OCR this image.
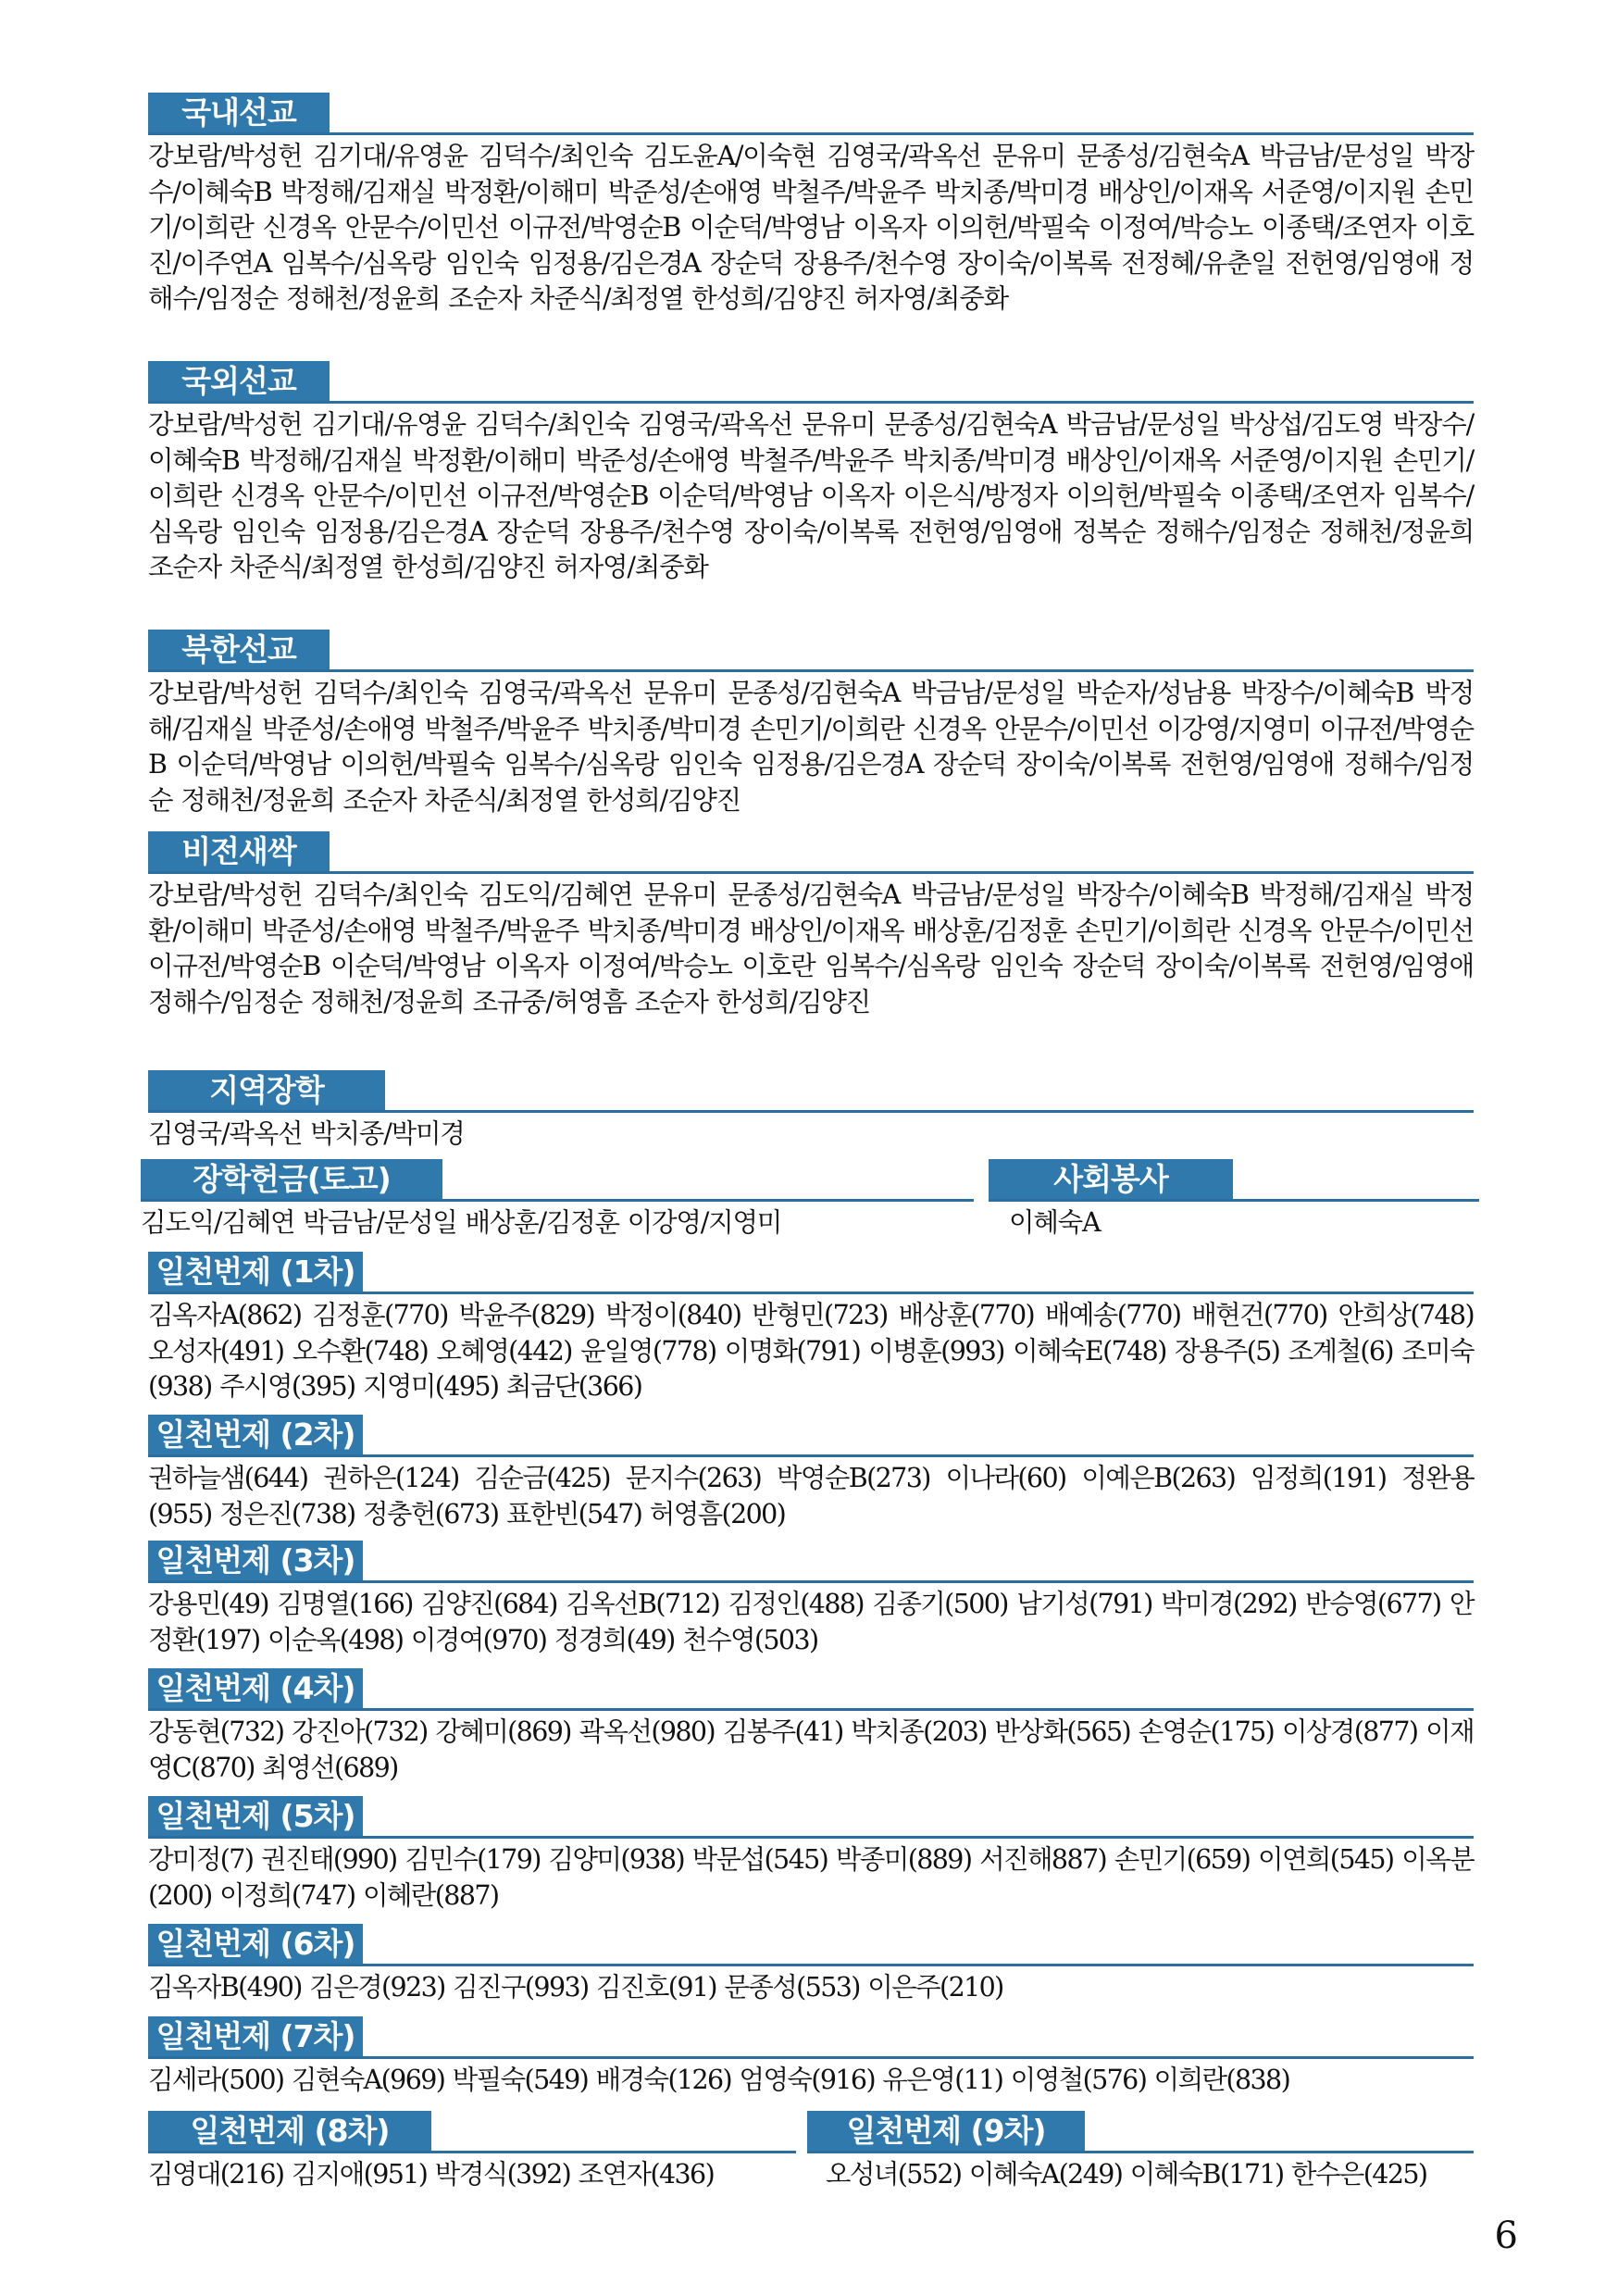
국내선교

강보람/박성헌 김기대/유영윤 김덕수/최인숙 김도윤A/이숙현 김영국/곽옥선 문유미 문종성/김현숙A 박금남/문성일 박장수/이혜숙B 박정해/김재실 박정환/이해미 박준성/손애영 박철주/박윤주 박치종/박미경 배상인/이재옥 서준영/이지원 손민기/이희란 신경옥 안문수/이민선 이규전/박영순B 이순덕/박영남 이옥자 이의헌/박필숙 이정여/박승노 이종택/조연자 이호진/이주연A 임복수/심옥랑 임인숙 임정용/김은경A 장순덕 장용주/천수영 장이숙/이복록 전정혜/유춘일 전헌영/임영애 정해수/임정순 정해천/정윤희 조순자 차준식/최정열 한성희/김양진 허자영/최중화

국외선교

강보람/박성헌 김기대/유영윤 김덕수/최인숙 김영국/곽옥선 문유미 문종성/김현숙A 박금남/문성일 박상섭/김도영 박장수/이혜숙B 박정해/김재실 박정환/이해미 박준성/손애영 박철주/박윤주 박치종/박미경 배상인/이재옥 서준영/이지원 손민기/이희란 신경옥 안문수/이민선 이규전/박영순B 이순덕/박영남 이옥자 이은식/방정자 이의헌/박필숙 이종택/조연자 임복수/심옥랑 임인숙 임정용/김은경A 장순덕 장용주/천수영 장이숙/이복록 전헌영/임영애 정복순 정해수/임정순 정해천/정윤희 조순자 차준식/최정열 한성희/김양진 허자영/최중화

북한선교

강보람/박성헌 김덕수/최인숙 김영국/곽옥선 문유미 문종성/김현숙A 박금남/문성일 박순자/성남용 박장수/이혜숙B 박정해/김재실 박준성/손애영 박철주/박윤주 박치종/박미경 손민기/이희란 신경옥 안문수/이민선 이강영/지영미 이규전/박영순B 이순덕/박영남 이의헌/박필숙 임복수/심옥랑 임인숙 임정용/김은경A 장순덕 장이숙/이복록 전헌영/임영애 정해수/임정순 정해천/정윤희 조순자 차준식/최정열 한성희/김양진

비전새싹

강보람/박성헌 김덕수/최인숙 김도익/김혜연 문유미 문종성/김현숙A 박금남/문성일 박장수/이혜숙B 박정해/김재실 박정환/이해미 박준성/손애영 박철주/박윤주 박치종/박미경 배상인/이재옥 배상훈/김정훈 손민기/이희란 신경옥 안문수/이민선 이규전/박영순B 이순덕/박영남 이옥자 이정여/박승노 이호란 임복수/심옥랑 임인숙 장순덕 장이숙/이복록 전헌영/임영애 정해수/임정순 정해천/정윤희 조규중/허영흠 조순자 한성희/김양진

지역장학

김영국/곽옥선 박치종/박미경

장학헌금(토고)

김도익/김혜연 박금남/문성일 배상훈/김정훈 이강영/지영미

사회봉사

이혜숙A

일천번제 (1차)

김옥자A(862) 김정훈(770) 박윤주(829) 박정이(840) 반형민(723) 배상훈(770) 배예송(770) 배현건(770) 안희상(748) 오성자(491) 오수환(748) 오혜영(442) 윤일영(778) 이명화(791) 이병훈(993) 이혜숙E(748) 장용주(5) 조계철(6) 조미숙(938) 주시영(395) 지영미(495) 최금단(366)

일천번제 (2차)

권하늘샘(644) 권하은(124) 김순금(425) 문지수(263) 박영순B(273) 이나라(60) 이예은B(263) 임정희(191) 정완용(955) 정은진(738) 정충헌(673) 표한빈(547) 허영흠(200)

일천번제 (3차)

강용민(49) 김명열(166) 김양진(684) 김옥선B(712) 김정인(488) 김종기(500) 남기성(791) 박미경(292) 반승영(677) 안정환(197) 이순옥(498) 이경여(970) 정경희(49) 천수영(503)

일천번제 (4차)

강동현(732) 강진아(732) 강혜미(869) 곽옥선(980) 김봉주(41) 박치종(203) 반상화(565) 손영순(175) 이상경(877) 이재영C(870) 최영선(689)

일천번제 (5차)

강미정(7) 권진태(990) 김민수(179) 김양미(938) 박문섭(545) 박종미(889) 서진해887) 손민기(659) 이연희(545) 이옥분(200) 이정희(747) 이혜란(887)

일천번제 (6차)

김옥자B(490) 김은경(923) 김진구(993) 김진호(91) 문종성(553) 이은주(210)

일천번제 (7차)

김세라(500) 김현숙A(969) 박필숙(549) 배경숙(126) 엄영숙(916) 유은영(11) 이영철(576) 이희란(838)

일천번제 (8차)

김영대(216) 김지애(951) 박경식(392) 조연자(436)

일천번제 (9차)

오성녀(552) 이혜숙A(249) 이혜숙B(171) 한수은(425)

6
